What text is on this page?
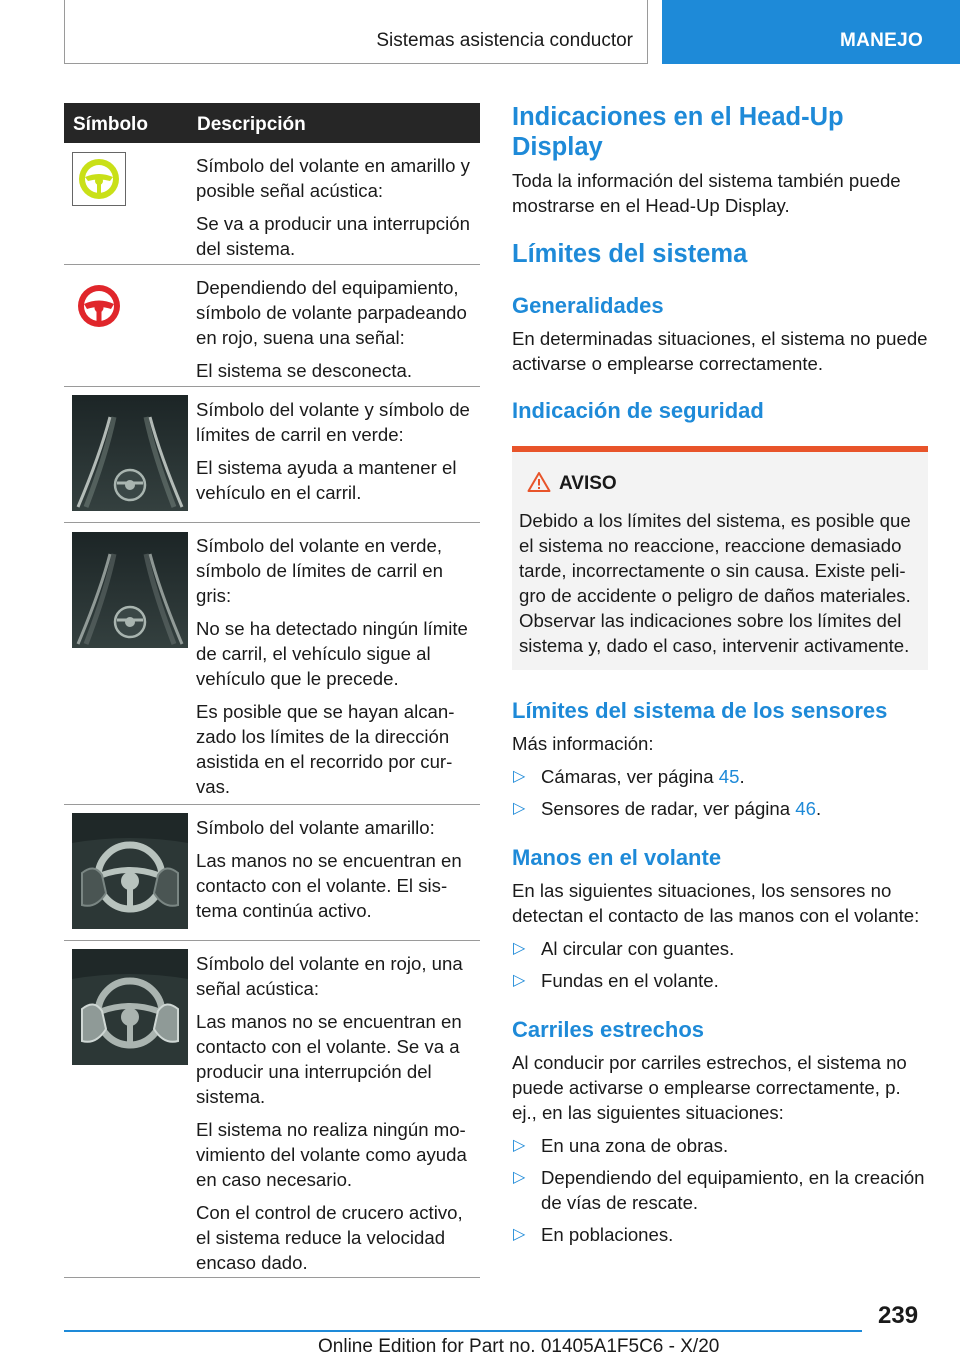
Sistemas asistencia conductor	MANEJO
Símbolo	Descripción

Símbolo del volante en amarillo y posible señal acústica:

Se va a producir una interrupción del sistema.

Dependiendo del equipamiento, símbolo de volante parpadeando en rojo, suena una señal:

El sistema se desconecta.

Símbolo del volante y símbolo de límites de carril en verde:

El sistema ayuda a mantener el vehículo en el carril.

Símbolo del volante en verde, símbolo de límites de carril en gris:

No se ha detectado ningún límite de carril, el vehículo sigue al vehículo que le precede.

Es posible que se hayan alcanzado los límites de la dirección asistida en el recorrido por curvas.

Símbolo del volante amarillo:

Las manos no se encuentran en contacto con el volante. El sistema continúa activo.

Símbolo del volante en rojo, una señal acústica:

Las manos no se encuentran en contacto con el volante. Se va a producir una interrupción del sistema.

El sistema no realiza ningún movimiento del volante como ayuda en caso necesario.

Con el control de crucero activo, el sistema reduce la velocidad encaso dado.

Indicaciones en el Head-Up Display

Toda la información del sistema también puede mostrarse en el Head-Up Display.

Límites del sistema
Generalidades

En determinadas situaciones, el sistema no puede activarse o emplearse correctamente.

Indicación de seguridad
AVISO

Debido a los límites del sistema, es posible que el sistema no reaccione, reaccione demasiado tarde, incorrectamente o sin causa. Existe peligro de accidente o peligro de daños materiales. Observar las indicaciones sobre los límites del sistema y, dado el caso, intervenir activamente.

Límites del sistema de los sensores

Más información:

▷ Cámaras, ver página 45.
▷ Sensores de radar, ver página 46.
Manos en el volante

En las siguientes situaciones, los sensores no detectan el contacto de las manos con el volante:

▷ Al circular con guantes.
▷ Fundas en el volante.
Carriles estrechos

Al conducir por carriles estrechos, el sistema no puede activarse o emplearse correctamente, p. ej., en las siguientes situaciones:

▷ En una zona de obras.
▷ Dependiendo del equipamiento, en la creación de vías de rescate.
▷ En poblaciones.
239
Online Edition for Part no. 01405A1F5C6 - X/20
